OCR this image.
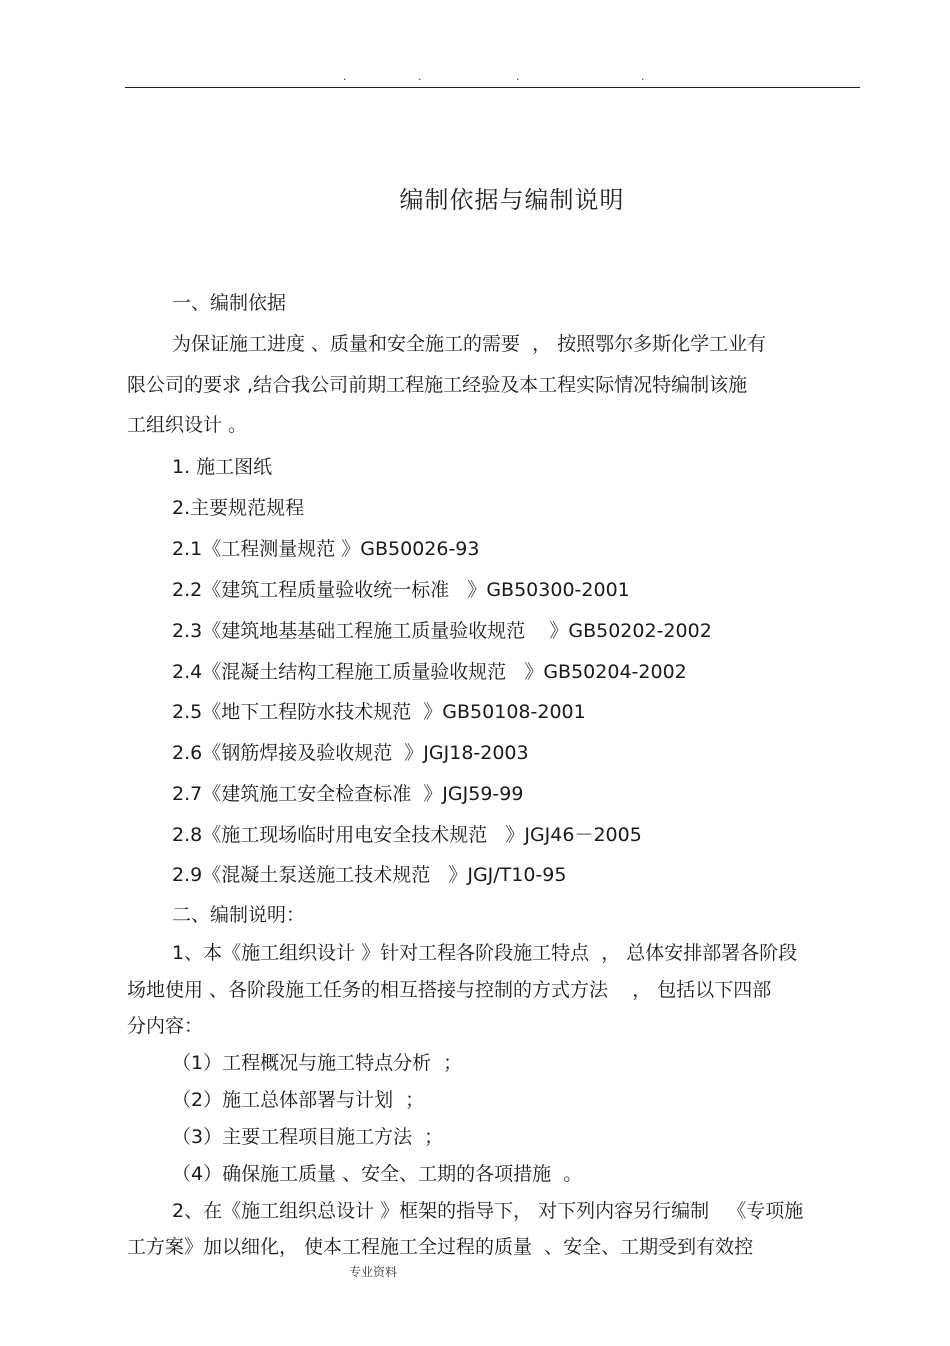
.	.	.	.
编制依据与编制说明
一、编制依据
为保证施工进度 、质量和安全施工的需要  ， 按照鄂尔多斯化学工业有
限公司的要求 ,结合我公司前期工程施工经验及本工程实际情况特编制该施
工组织设计 。
1. 施工图纸
2.主要规范规程
2.1《工程测量规范 》GB50026-93
2.2《建筑工程质量验收统一标准   》GB50300-2001
2.3《建筑地基基础工程施工质量验收规范    》GB50202-2002
2.4《混凝土结构工程施工质量验收规范   》GB50204-2002
2.5《地下工程防水技术规范  》GB50108-2001
2.6《钢筋焊接及验收规范  》JGJ18-2003
2.7《建筑施工安全检查标准  》JGJ59-99
2.8《施工现场临时用电安全技术规范   》JGJ46－2005
2.9《混凝土泵送施工技术规范   》JGJ/T10-95
二、编制说明：
1、本《施工组织设计 》针对工程各阶段施工特点  ， 总体安排部署各阶段
场地使用 、各阶段施工任务的相互搭接与控制的方式方法    ， 包括以下四部
分内容：
（1）工程概况与施工特点分析  ；
（2）施工总体部署与计划  ；
（3）主要工程项目施工方法  ；
（4）确保施工质量 、安全、工期的各项措施  。
2、在《施工组织总设计 》框架的指导下， 对下列内容另行编制   《专项施
工方案》加以细化， 使本工程施工全过程的质量  、安全、工期受到有效控
专业资料
